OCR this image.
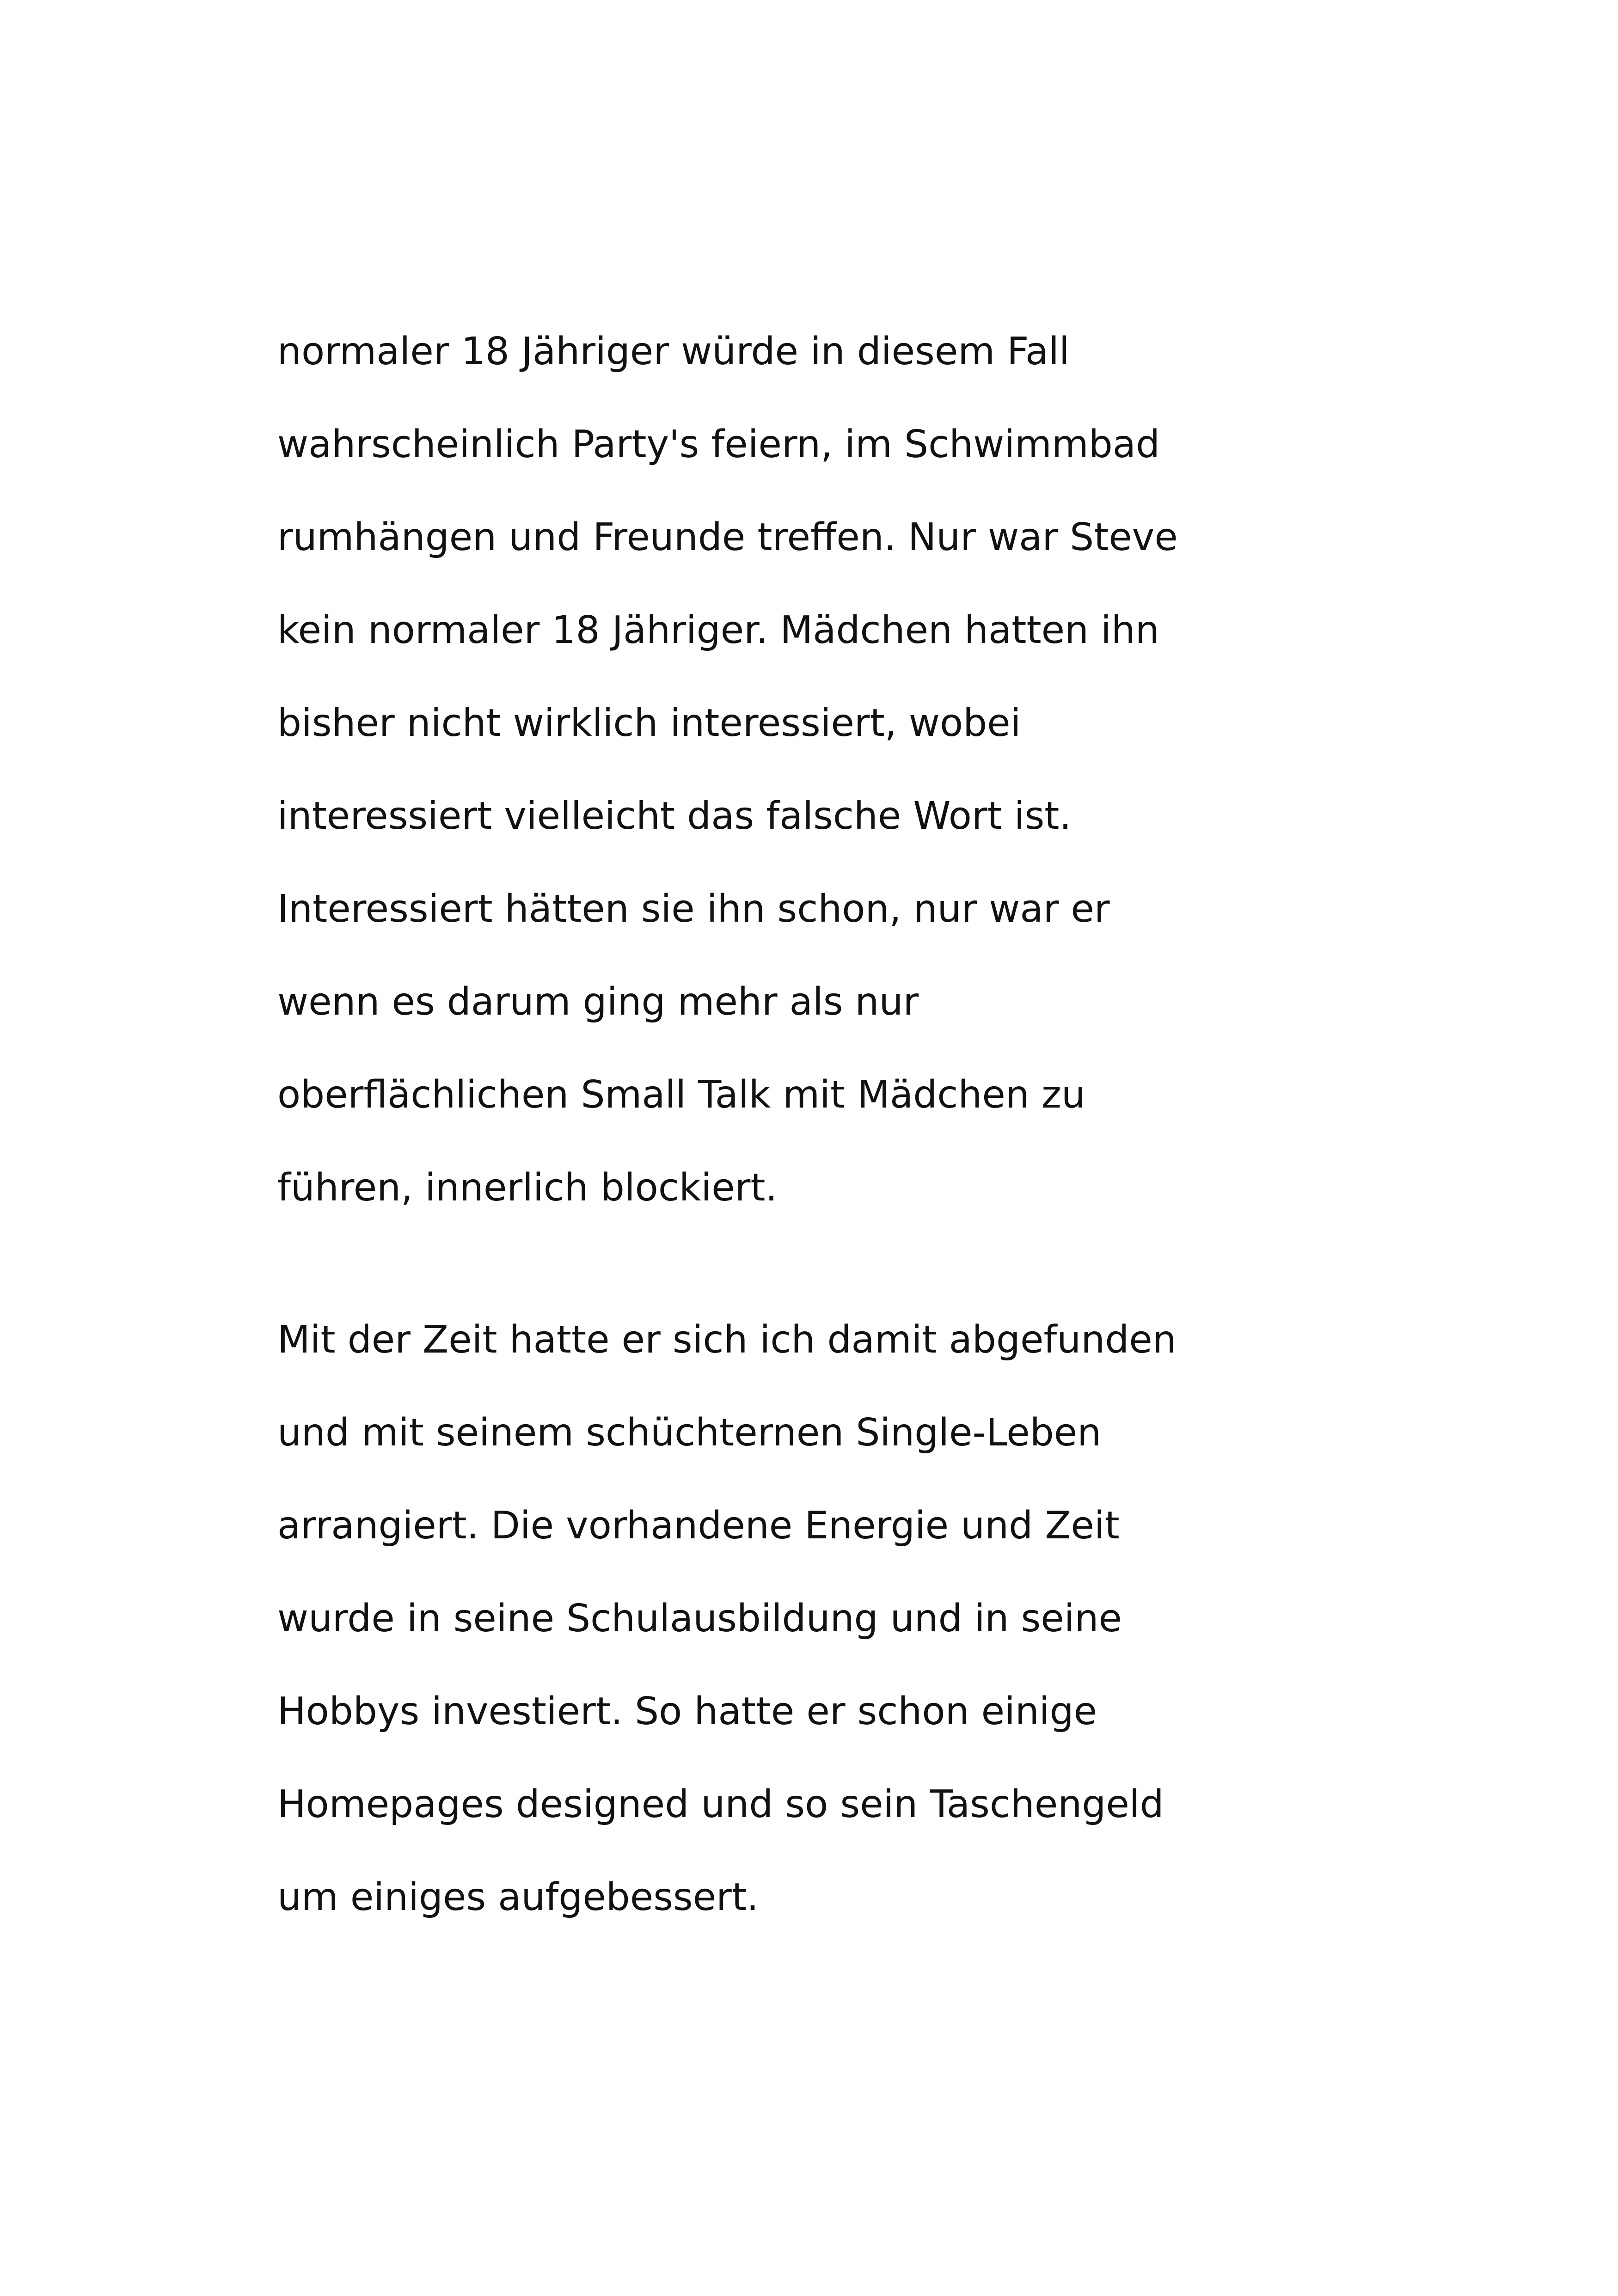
normaler 18 Jähriger würde in diesem Fall
wahrscheinlich Party's feiern, im Schwimmbad
rumhängen und Freunde treffen. Nur war Steve
kein normaler 18 Jähriger. Mädchen hatten ihn
bisher nicht wirklich interessiert, wobei
interessiert vielleicht das falsche Wort ist.
Interessiert hätten sie ihn schon, nur war er
wenn es darum ging mehr als nur
oberflächlichen Small Talk mit Mädchen zu
führen, innerlich blockiert.
Mit der Zeit hatte er sich ich damit abgefunden
und mit seinem schüchternen Single-Leben
arrangiert. Die vorhandene Energie und Zeit
wurde in seine Schulausbildung und in seine
Hobbys investiert. So hatte er schon einige
Homepages designed und so sein Taschengeld
um einiges aufgebessert.
